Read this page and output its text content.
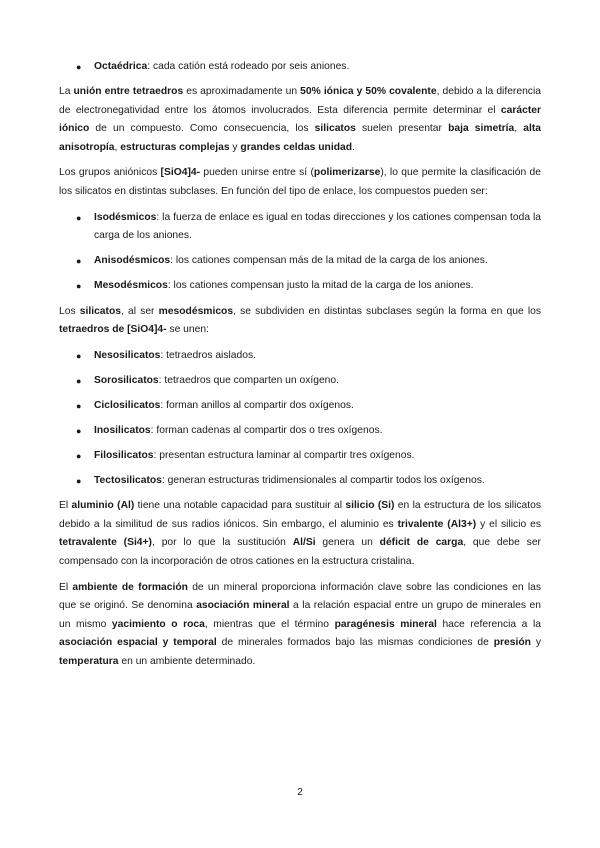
● Octaédrica: cada catión está rodeado por seis aniones.

La unión entre tetraedros es aproximadamente un 50% iónica y 50% covalente, debido a la diferencia de electronegatividad entre los átomos involucrados. Esta diferencia permite determinar el carácter iónico de un compuesto. Como consecuencia, los silicatos suelen presentar baja simetría, alta anisotropía, estructuras complejas y grandes celdas unidad.

Los grupos aniónicos [SiO4]4- pueden unirse entre sí (polimerizarse), lo que permite la clasificación de los silicatos en distintas subclases. En función del tipo de enlace, los compuestos pueden ser:

● Isodésmicos: la fuerza de enlace es igual en todas direcciones y los cationes compensan toda la carga de los aniones.
● Anisodésmicos: los cationes compensan más de la mitad de la carga de los aniones.
● Mesodésmicos: los cationes compensan justo la mitad de la carga de los aniones.

Los silicatos, al ser mesodésmicos, se subdividen en distintas subclases según la forma en que los tetraedros de [SiO4]4- se unen:

● Nesosilicatos: tetraedros aislados.
● Sorosilicatos: tetraedros que comparten un oxígeno.
● Ciclosilicatos: forman anillos al compartir dos oxígenos.
● Inosilicatos: forman cadenas al compartir dos o tres oxígenos.
● Filosilicatos: presentan estructura laminar al compartir tres oxígenos.
● Tectosilicatos: generan estructuras tridimensionales al compartir todos los oxígenos.

El aluminio (Al) tiene una notable capacidad para sustituir al silicio (Si) en la estructura de los silicatos debido a la similitud de sus radios iónicos. Sin embargo, el aluminio es trivalente (Al3+) y el silicio es tetravalente (Si4+), por lo que la sustitución Al/Si genera un déficit de carga, que debe ser compensado con la incorporación de otros cationes en la estructura cristalina.

El ambiente de formación de un mineral proporciona información clave sobre las condiciones en las que se originó. Se denomina asociación mineral a la relación espacial entre un grupo de minerales en un mismo yacimiento o roca, mientras que el término paragénesis mineral hace referencia a la asociación espacial y temporal de minerales formados bajo las mismas condiciones de presión y temperatura en un ambiente determinado.

2
